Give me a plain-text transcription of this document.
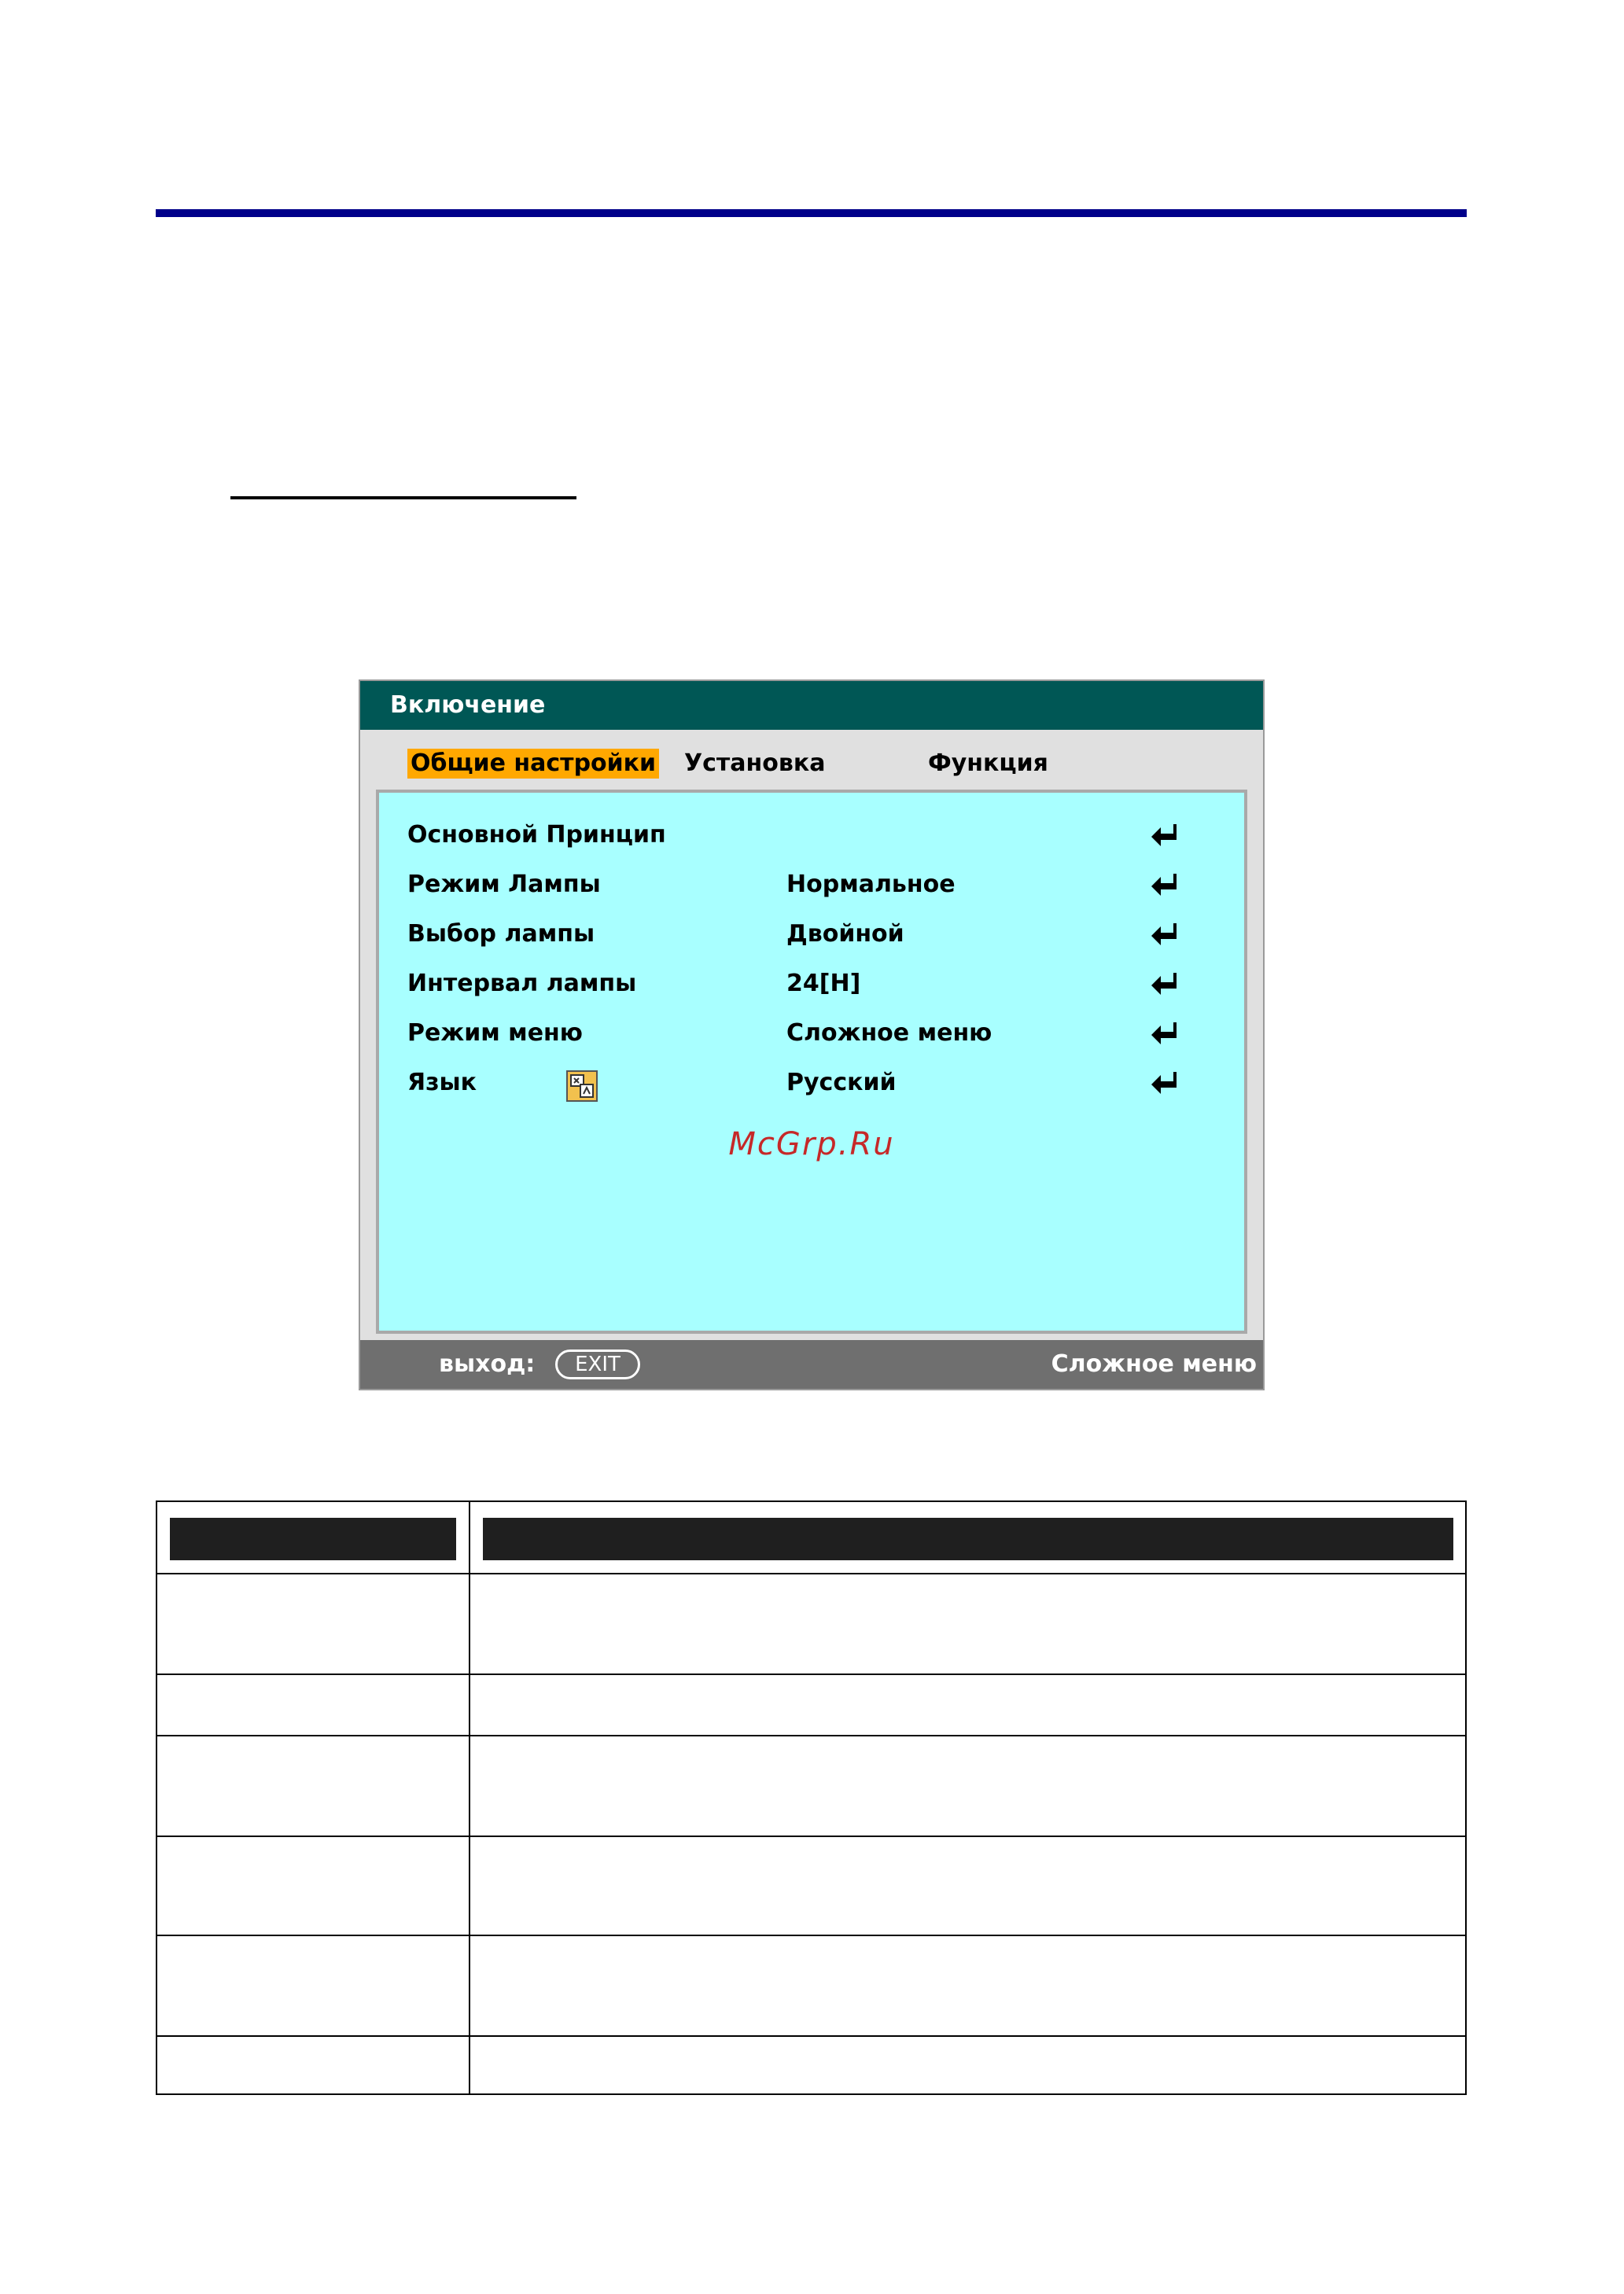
Включение
Общие настройки Установка	Функция
Основной Принцип
Режим Лампы	Нормальное
Выбор лампы	Двойной
Интервал лампы	24[H]
Режим меню	Сложное меню
Язык	Русский
McGrp.Ru
выход:	EXIT	Сложное меню
